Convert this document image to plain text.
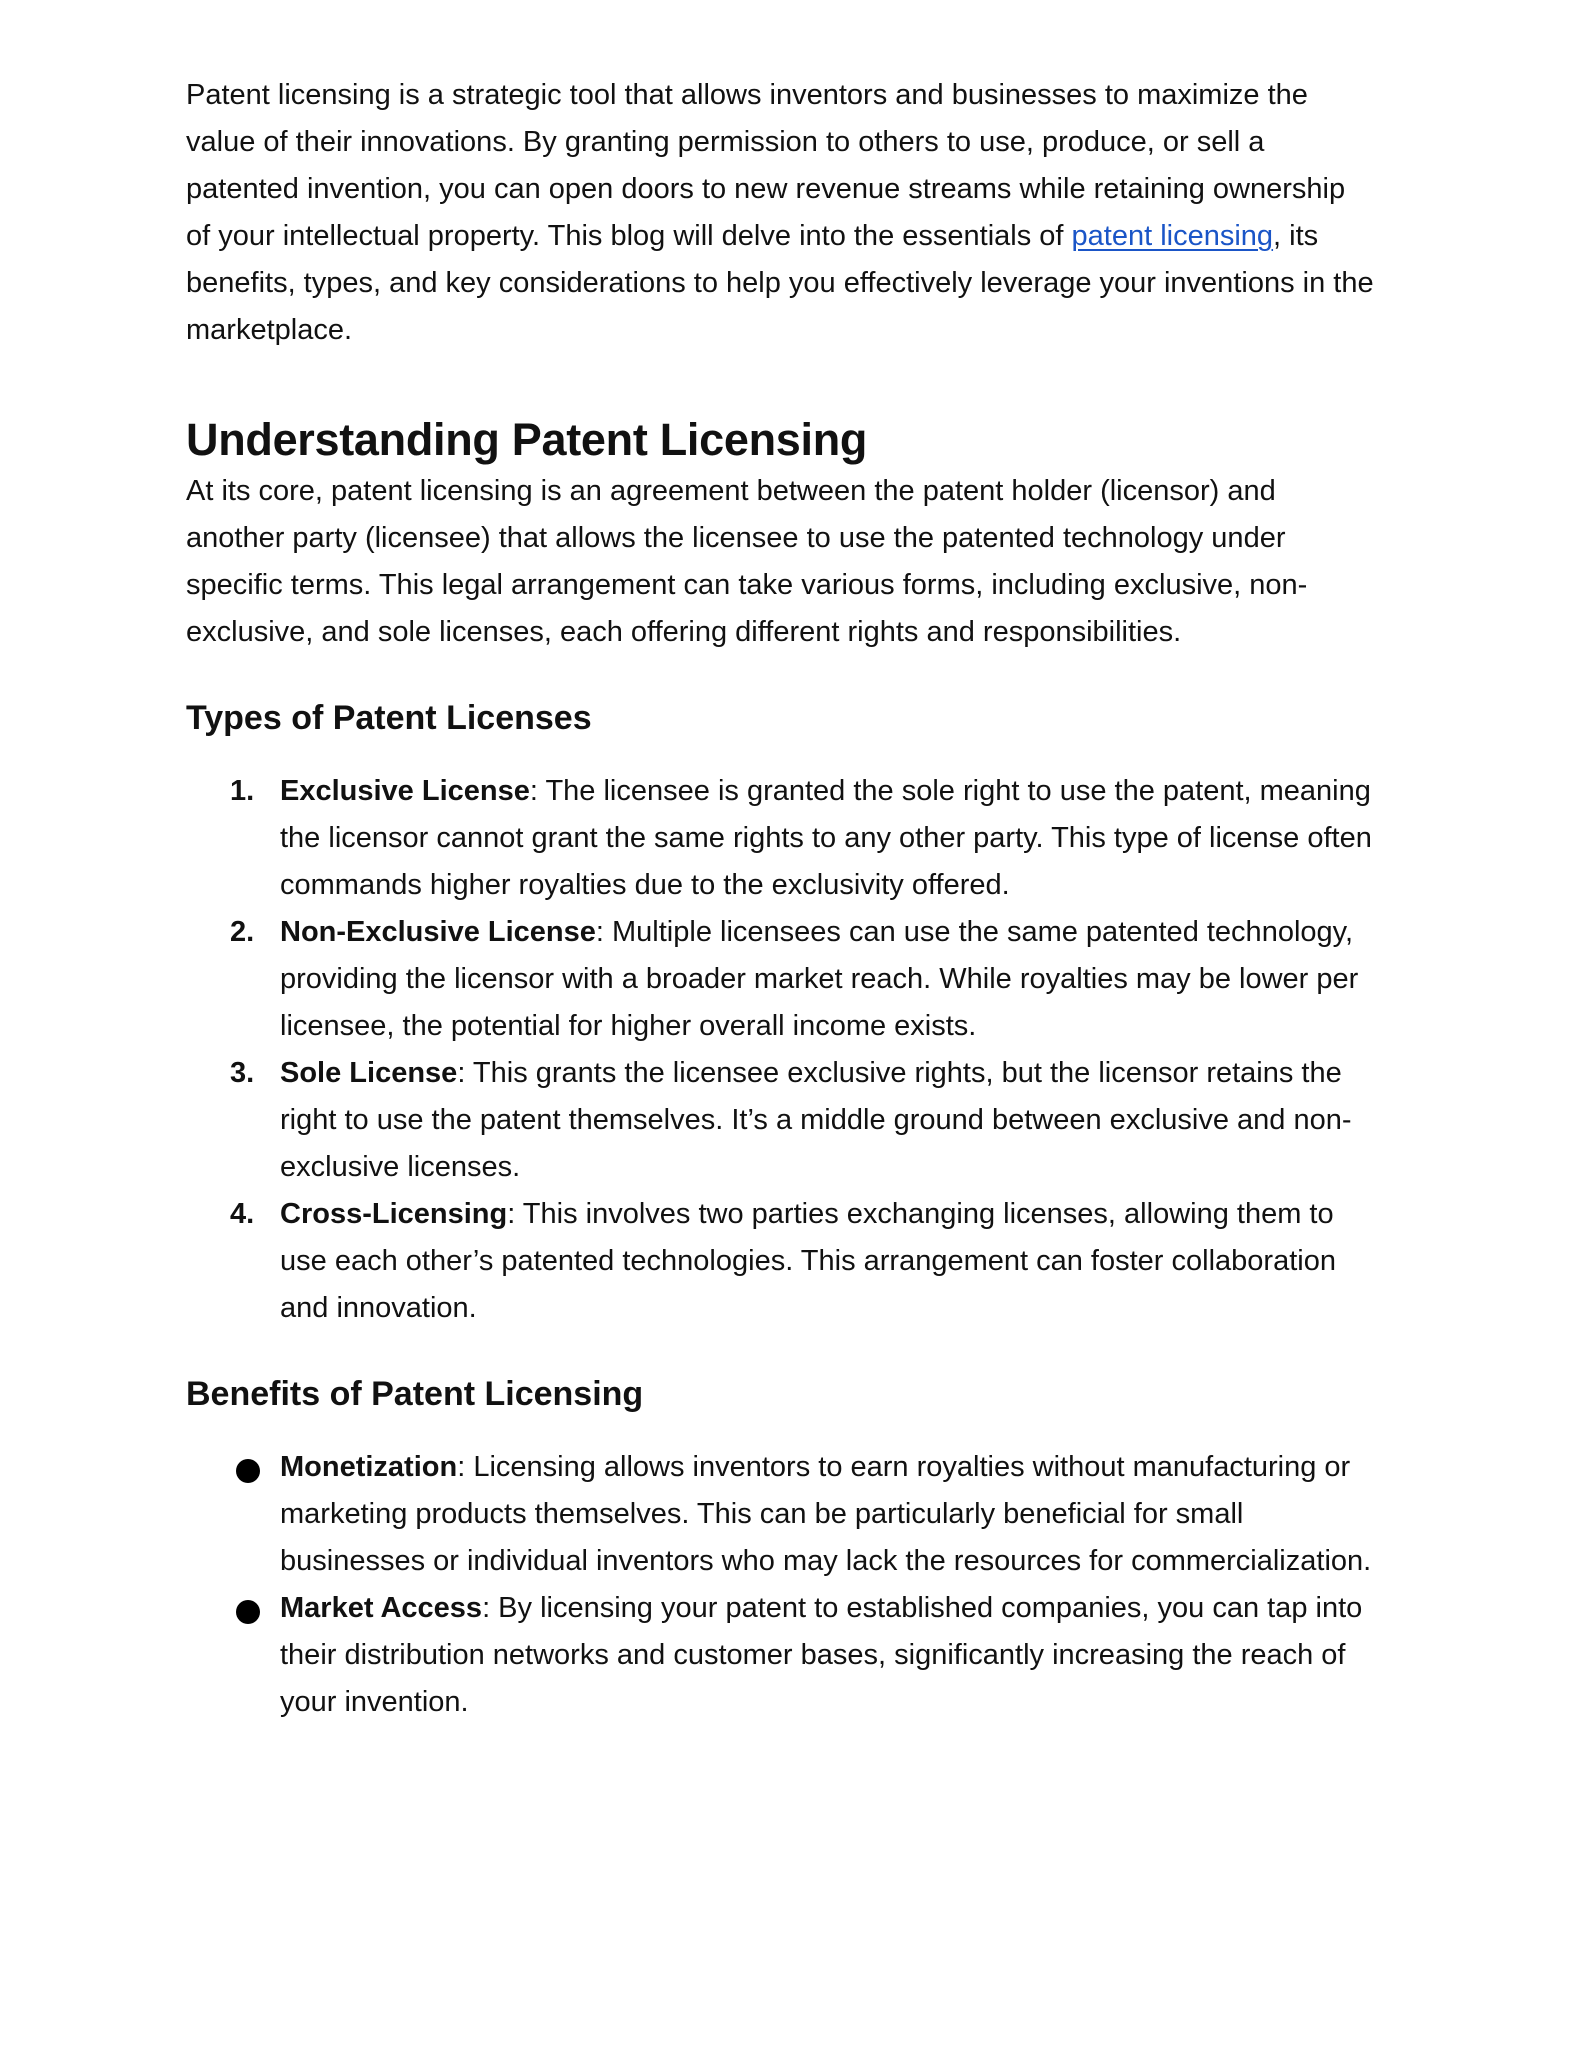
Patent licensing is a strategic tool that allows inventors and businesses to maximize the value of their innovations. By granting permission to others to use, produce, or sell a patented invention, you can open doors to new revenue streams while retaining ownership of your intellectual property. This blog will delve into the essentials of patent licensing, its benefits, types, and key considerations to help you effectively leverage your inventions in the marketplace.

Understanding Patent Licensing

At its core, patent licensing is an agreement between the patent holder (licensor) and another party (licensee) that allows the licensee to use the patented technology under specific terms. This legal arrangement can take various forms, including exclusive, non-exclusive, and sole licenses, each offering different rights and responsibilities.

Types of Patent Licenses
1. Exclusive License: The licensee is granted the sole right to use the patent, meaning the licensor cannot grant the same rights to any other party. This type of license often commands higher royalties due to the exclusivity offered.
2. Non-Exclusive License: Multiple licensees can use the same patented technology, providing the licensor with a broader market reach. While royalties may be lower per licensee, the potential for higher overall income exists.
3. Sole License: This grants the licensee exclusive rights, but the licensor retains the right to use the patent themselves. It’s a middle ground between exclusive and non-exclusive licenses.
4. Cross-Licensing: This involves two parties exchanging licenses, allowing them to use each other’s patented technologies. This arrangement can foster collaboration and innovation.
Benefits of Patent Licensing
Monetization: Licensing allows inventors to earn royalties without manufacturing or marketing products themselves. This can be particularly beneficial for small businesses or individual inventors who may lack the resources for commercialization.
Market Access: By licensing your patent to established companies, you can tap into their distribution networks and customer bases, significantly increasing the reach of your invention.
